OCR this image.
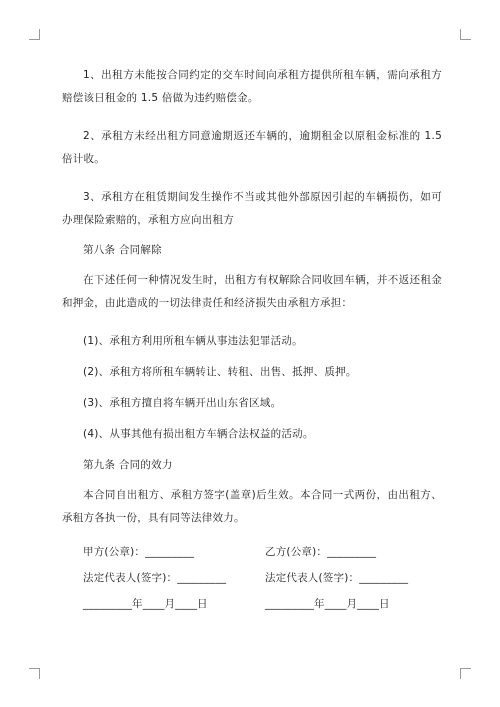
1、出租方未能按合同约定的交车时间向承租方提供所租车辆，需向承租方赔偿该日租金的 1.5 倍做为违约赔偿金。

2、承租方未经出租方同意逾期返还车辆的，逾期租金以原租金标准的 1.5 倍计收。

3、承租方在租赁期间发生操作不当或其他外部原因引起的车辆损伤，如可办理保险索赔的，承租方应向出租方

第八条 合同解除

在下述任何一种情况发生时，出租方有权解除合同收回车辆，并不返还租金和押金，由此造成的一切法律责任和经济损失由承租方承担：

(1)、承租方利用所租车辆从事违法犯罪活动。

(2)、承租方将所租车辆转让、转租、出售、抵押、质押。

(3)、承租方擅自将车辆开出山东省区域。

(4)、从事其他有损出租方车辆合法权益的活动。

第九条 合同的效力

本合同自出租方、承租方签字(盖章)后生效。本合同一式两份，由出租方、承租方各执一份，具有同等法律效力。

甲方(公章)：_________	乙方(公章)：_________
法定代表人(签字)：_________	法定代表人(签字)：_________
_________年____月____日	_________年____月____日
